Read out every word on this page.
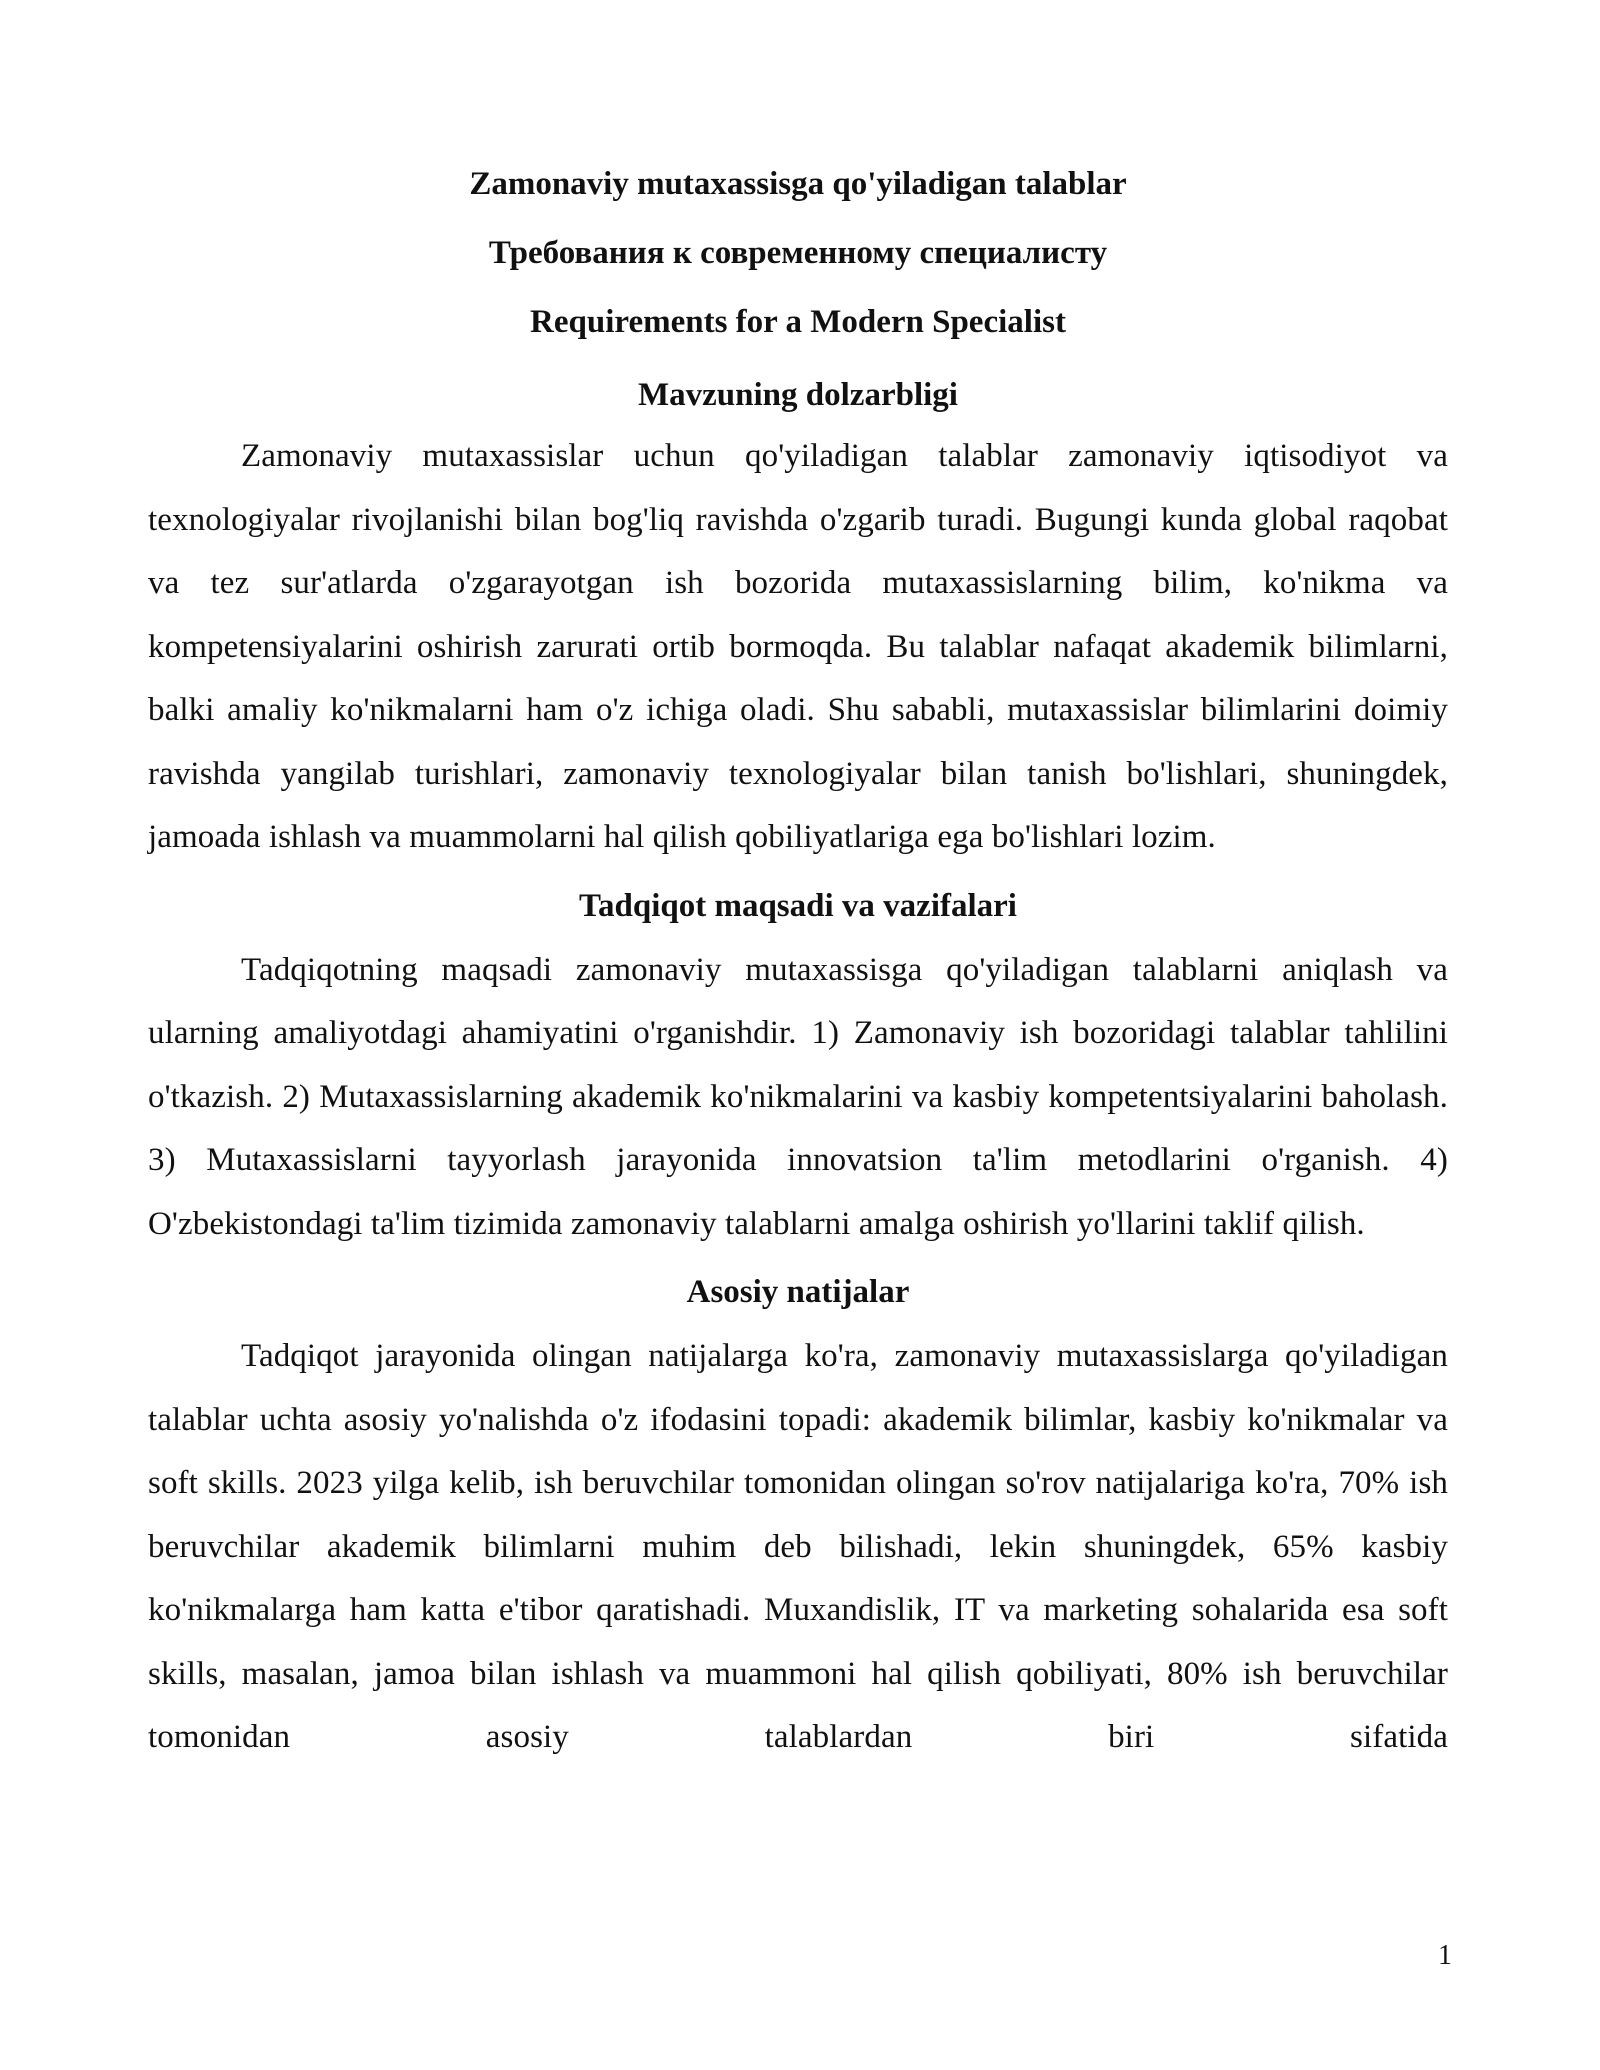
Zamonaviy mutaxassisga qo'yiladigan talablar
Требования к современному специалисту
Requirements for a Modern Specialist
Mavzuning dolzarbligi

Zamonaviy mutaxassislar uchun qo'yiladigan talablar zamonaviy iqtisodiyot va texnologiyalar rivojlanishi bilan bog'liq ravishda o'zgarib turadi. Bugungi kunda global raqobat va tez sur'atlarda o'zgarayotgan ish bozorida mutaxassislarning bilim, ko'nikma va kompetensiyalarini oshirish zarurati ortib bormoqda. Bu talablar nafaqat akademik bilimlarni, balki amaliy ko'nikmalarni ham o'z ichiga oladi. Shu sababli, mutaxassislar bilimlarini doimiy ravishda yangilab turishlari, zamonaviy texnologiyalar bilan tanish bo'lishlari, shuningdek, jamoada ishlash va muammolarni hal qilish qobiliyatlariga ega bo'lishlari lozim.

Tadqiqot maqsadi va vazifalari

Tadqiqotning maqsadi zamonaviy mutaxassisga qo'yiladigan talablarni aniqlash va ularning amaliyotdagi ahamiyatini o'rganishdir. 1) Zamonaviy ish bozoridagi talablar tahlilini o'tkazish. 2) Mutaxassislarning akademik ko'nikmalarini va kasbiy kompetentsiyalarini baholash. 3) Mutaxassislarni tayyorlash jarayonida innovatsion ta'lim metodlarini o'rganish. 4) O'zbekistondagi ta'lim tizimida zamonaviy talablarni amalga oshirish yo'llarini taklif qilish.

Asosiy natijalar

Tadqiqot jarayonida olingan natijalarga ko'ra, zamonaviy mutaxassislarga qo'yiladigan talablar uchta asosiy yo'nalishda o'z ifodasini topadi: akademik bilimlar, kasbiy ko'nikmalar va soft skills. 2023 yilga kelib, ish beruvchilar tomonidan olingan so'rov natijalariga ko'ra, 70% ish beruvchilar akademik bilimlarni muhim deb bilishadi, lekin shuningdek, 65% kasbiy ko'nikmalarga ham katta e'tibor qaratishadi. Muxandislik, IT va marketing sohalarida esa soft skills, masalan, jamoa bilan ishlash va muammoni hal qilish qobiliyati, 80% ish beruvchilar tomonidan asosiy talablardan biri sifatida

1
